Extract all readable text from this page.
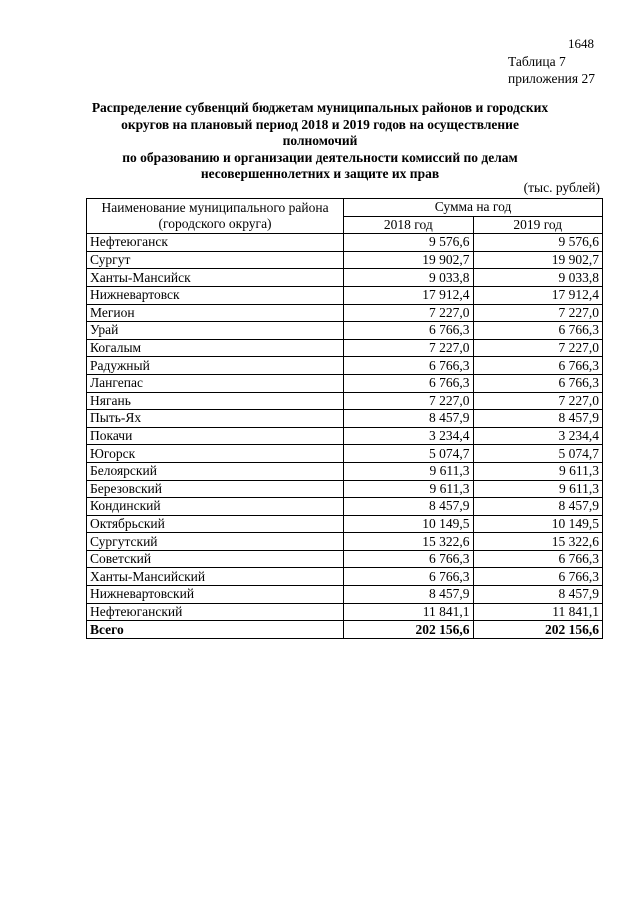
1648
Таблица 7
приложения 27
Распределение субвенций бюджетам муниципальных районов и городских
округов на плановый период 2018 и 2019 годов на осуществление полномочий
по образованию и организации деятельности комиссий по делам
несовершеннолетних и защите их прав
(тыс. рублей)
Наименование муниципального района
(городского округа)	Сумма на год	
	2018 год	2019 год
Нефтеюганск	9 576,6	9 576,6
Сургут	19 902,7	19 902,7
Ханты-Мансийск	9 033,8	9 033,8
Нижневартовск	17 912,4	17 912,4
Мегион	7 227,0	7 227,0
Урай	6 766,3	6 766,3
Когалым	7 227,0	7 227,0
Радужный	6 766,3	6 766,3
Лангепас	6 766,3	6 766,3
Нягань	7 227,0	7 227,0
Пыть-Ях	8 457,9	8 457,9
Покачи	3 234,4	3 234,4
Югорск	5 074,7	5 074,7
Белоярский	9 611,3	9 611,3
Березовский	9 611,3	9 611,3
Кондинский	8 457,9	8 457,9
Октябрьский	10 149,5	10 149,5
Сургутский	15 322,6	15 322,6
Советский	6 766,3	6 766,3
Ханты-Мансийский	6 766,3	6 766,3
Нижневартовский	8 457,9	8 457,9
Нефтеюганский	11 841,1	11 841,1
Всего	202 156,6	202 156,6
